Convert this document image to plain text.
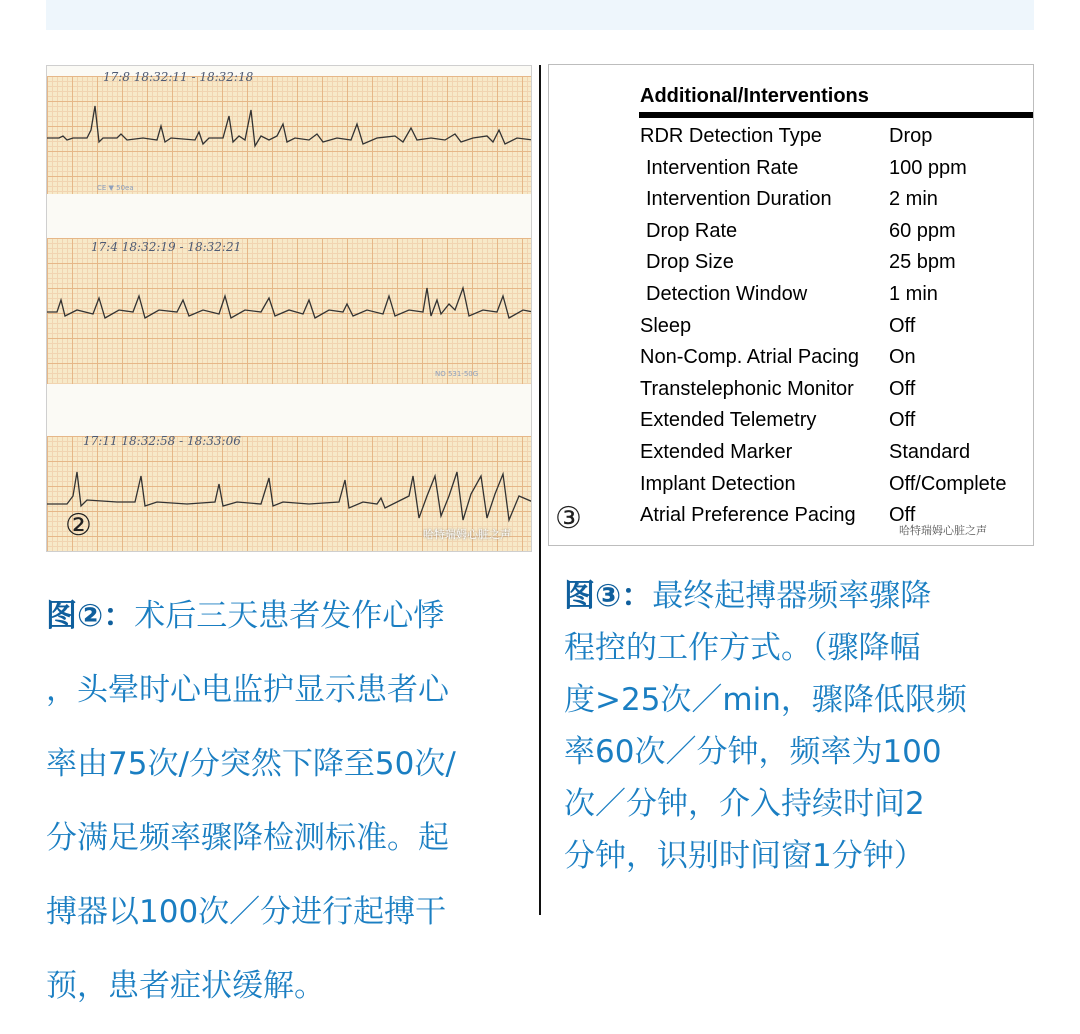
17:8 18:32:11 - 18:32:18
CE ▼ 50ea
17:4 18:32:19 - 18:32:21
NO 531-50G
17:11 18:32:58 - 18:33:06
②	哈特瑞姆心脏之声
Additional/Interventions
RDR Detection Type	Drop
Intervention Rate	100 ppm
Intervention Duration	2 min
Drop Rate	60 ppm
Drop Size	25 bpm
Detection Window	1 min
Sleep	Off
Non-Comp. Atrial Pacing On
Transtelephonic Monitor Off
Extended Telemetry	Off
Extended Marker	Standard
Implant Detection	Off/Complete
Atrial Preference Pacing Off
③	哈特瑞姆心脏之声
图②：术后三天患者发作心悸
，头晕时心电监护显示患者心
率由75次/分突然下降至50次/
分满足频率骤降检测标准。起
搏器以100次／分进行起搏干
预，患者症状缓解。
图③：最终起搏器频率骤降
程控的工作方式。（骤降幅
度>25次／min，骤降低限频
率60次／分钟，频率为100
次／分钟，介入持续时间2
分钟，识别时间窗1分钟）
